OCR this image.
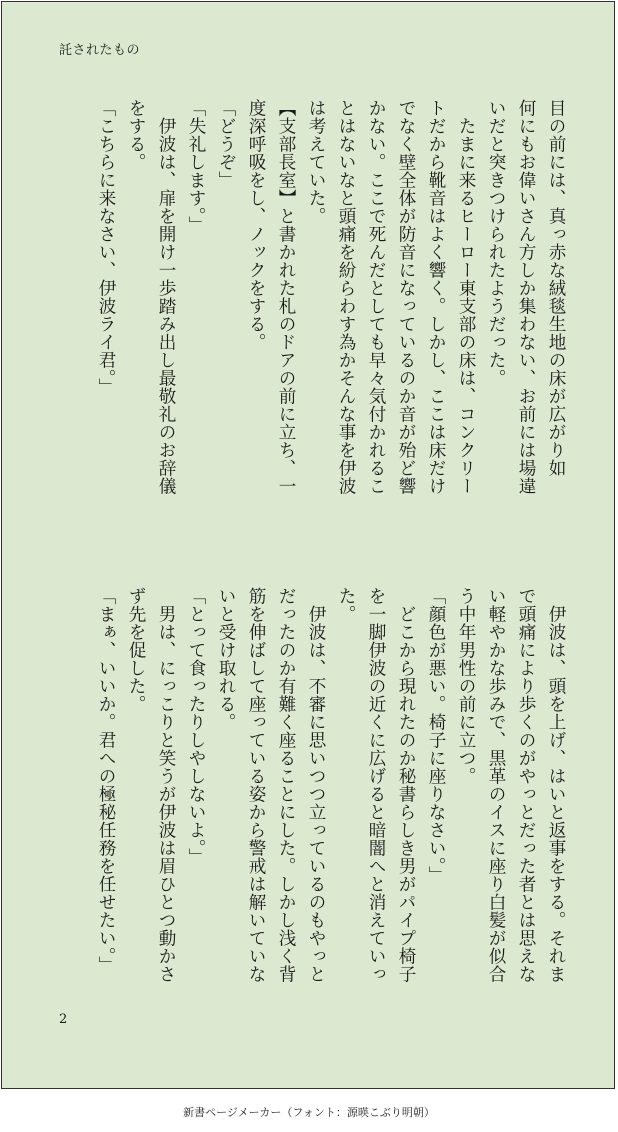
託されたもの

目の前には、真っ赤な絨毯生地の床が広がり如

何にもお偉いさん方しか集わない、お前には場違

いだと突きつけられたようだった。

　たまに来るヒーロー東支部の床は、コンクリー

トだから靴音はよく響く。しかし、ここは床だけ

でなく壁全体が防音になっているのか音が殆ど響

かない。ここで死んだとしても早々気付かれるこ

とはないなと頭痛を紛らわす為かそんな事を伊波

は考えていた。

【支部長室】と書かれた札のドアの前に立ち、一

度深呼吸をし、ノックをする。

「どうぞ」

「失礼します。」

　伊波は、扉を開け一歩踏み出し最敬礼のお辞儀

をする。

「こちらに来なさい、伊波ライ君。」

　伊波は、頭を上げ、はいと返事をする。それま

で頭痛により歩くのがやっとだった者とは思えな

い軽やかな歩みで、黒革のイスに座り白髪が似合

う中年男性の前に立つ。

「顔色が悪い。椅子に座りなさい。」

　どこから現れたのか秘書らしき男がパイプ椅子

を一脚伊波の近くに広げると暗闇へと消えていっ

た。

　伊波は、不審に思いつつ立っているのもやっと

だったのか有難く座ることにした。しかし浅く背

筋を伸ばして座っている姿から警戒は解いていな

いと受け取れる。

「とって食ったりしやしないよ。」

　男は、にっこりと笑うが伊波は眉ひとつ動かさ

ず先を促した。

「まぁ、いいか。君への極秘任務を任せたい。」

2

新書ページメーカー（フォント：源暎こぶり明朝）
